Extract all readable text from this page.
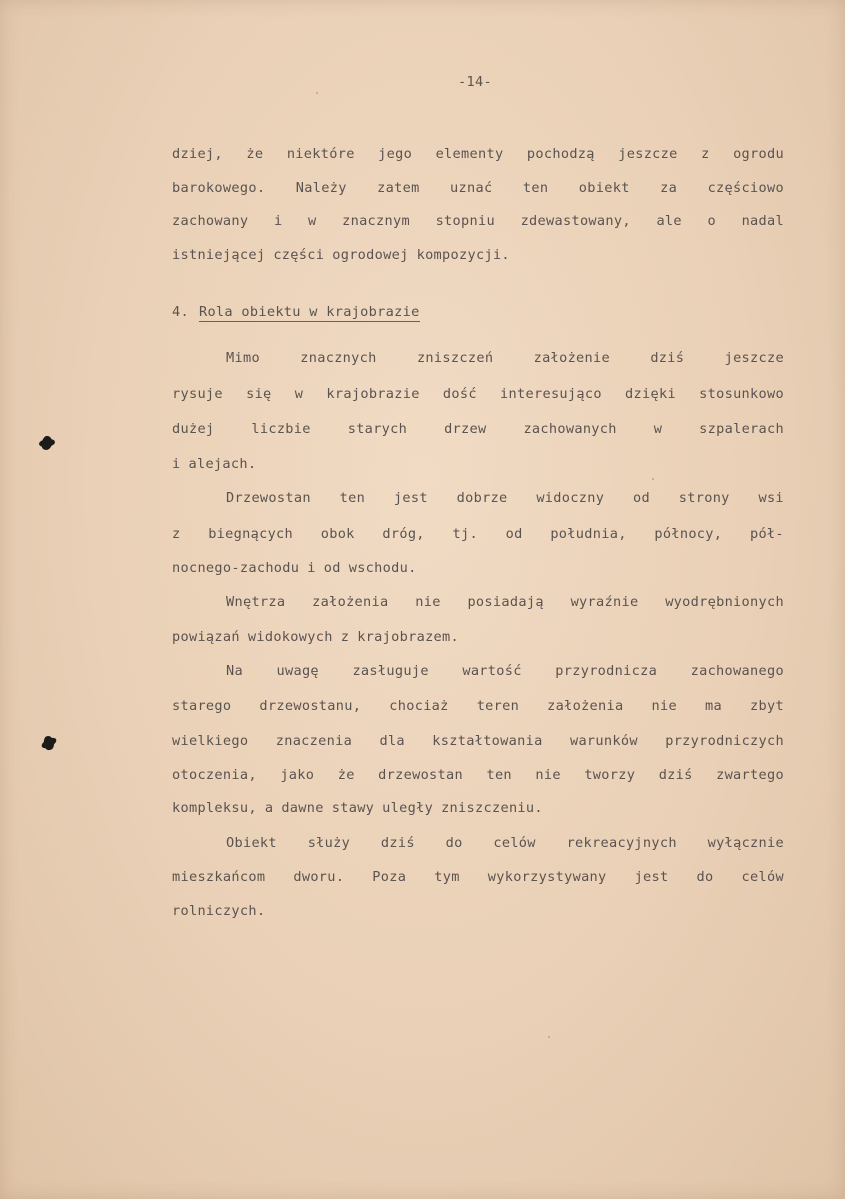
-14-
dziej, że niektóre jego elementy pochodzą jeszcze z ogrodu
barokowego. Należy zatem uznać ten obiekt za częściowo
zachowany i w znacznym stopniu zdewastowany, ale o nadal
istniejącej części ogrodowej kompozycji.
Mimo	znacznych	zniszczeń	założenie	dziś	jeszcze
rysuje się w krajobrazie dość interesująco dzięki stosunkowo
dużej	liczbie	starych	drzew	zachowanych	w	szpalerach
i alejach.
Drzewostan ten jest dobrze widoczny od strony wsi
z biegnących obok dróg, tj. od południa, północy, pół-
nocnego-zachodu i od wschodu.
Wnętrza założenia nie posiadają wyraźnie wyodrębnionych
powiązań widokowych z krajobrazem.
Na uwagę zasługuje wartość przyrodnicza zachowanego
starego drzewostanu, chociaż teren założenia nie ma zbyt
wielkiego znaczenia dla kształtowania warunków przyrodniczych
otoczenia, jako że drzewostan ten nie tworzy dziś zwartego
kompleksu, a dawne stawy uległy zniszczeniu.
Obiekt służy dziś do celów rekreacyjnych wyłącznie
mieszkańcom dworu. Poza tym wykorzystywany jest do celów
rolniczych.
4. Rola obiektu w krajobrazie
